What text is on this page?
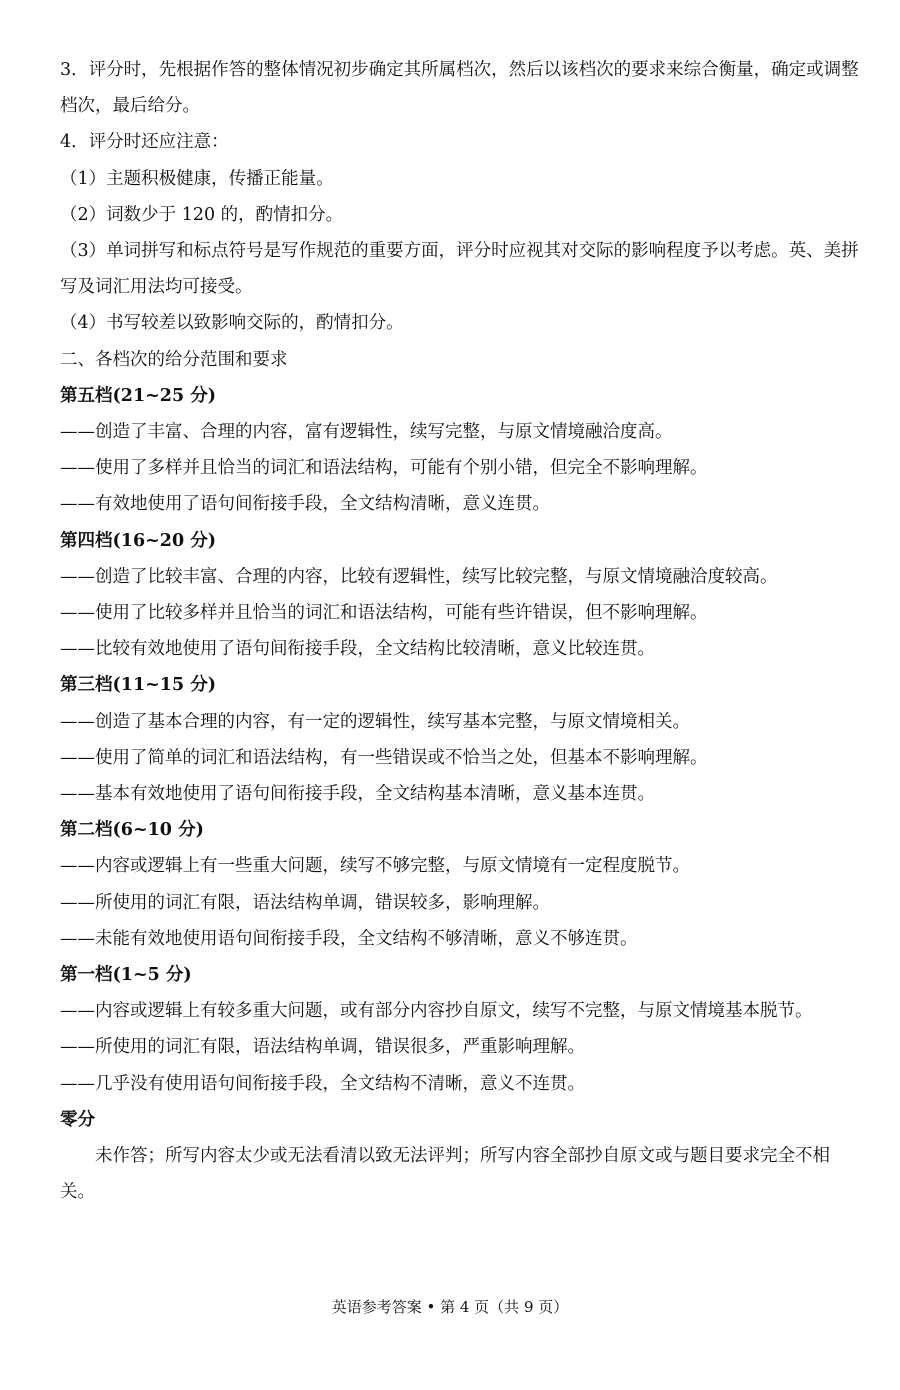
3．评分时，先根据作答的整体情况初步确定其所属档次，然后以该档次的要求来综合衡量，确定或调整档次，最后给分。
4．评分时还应注意：
（1）主题积极健康，传播正能量。
（2）词数少于 120 的，酌情扣分。
（3）单词拼写和标点符号是写作规范的重要方面，评分时应视其对交际的影响程度予以考虑。英、美拼写及词汇用法均可接受。
（4）书写较差以致影响交际的，酌情扣分。
二、各档次的给分范围和要求
第五档(21~25 分)
——创造了丰富、合理的内容，富有逻辑性，续写完整，与原文情境融洽度高。
——使用了多样并且恰当的词汇和语法结构，可能有个别小错，但完全不影响理解。
——有效地使用了语句间衔接手段，全文结构清晰，意义连贯。
第四档(16~20 分)
——创造了比较丰富、合理的内容，比较有逻辑性，续写比较完整，与原文情境融洽度较高。
——使用了比较多样并且恰当的词汇和语法结构，可能有些许错误，但不影响理解。
——比较有效地使用了语句间衔接手段，全文结构比较清晰，意义比较连贯。
第三档(11~15 分)
——创造了基本合理的内容，有一定的逻辑性，续写基本完整，与原文情境相关。
——使用了简单的词汇和语法结构，有一些错误或不恰当之处，但基本不影响理解。
——基本有效地使用了语句间衔接手段，全文结构基本清晰，意义基本连贯。
第二档(6~10 分)
——内容或逻辑上有一些重大问题，续写不够完整，与原文情境有一定程度脱节。
——所使用的词汇有限，语法结构单调，错误较多，影响理解。
——未能有效地使用语句间衔接手段，全文结构不够清晰，意义不够连贯。
第一档(1~5 分)
——内容或逻辑上有较多重大问题，或有部分内容抄自原文，续写不完整，与原文情境基本脱节。
——所使用的词汇有限，语法结构单调，错误很多，严重影响理解。
——几乎没有使用语句间衔接手段，全文结构不清晰，意义不连贯。
零分
未作答；所写内容太少或无法看清以致无法评判；所写内容全部抄自原文或与题目要求完全不相关。
英语参考答案 • 第 4 页（共 9 页）
